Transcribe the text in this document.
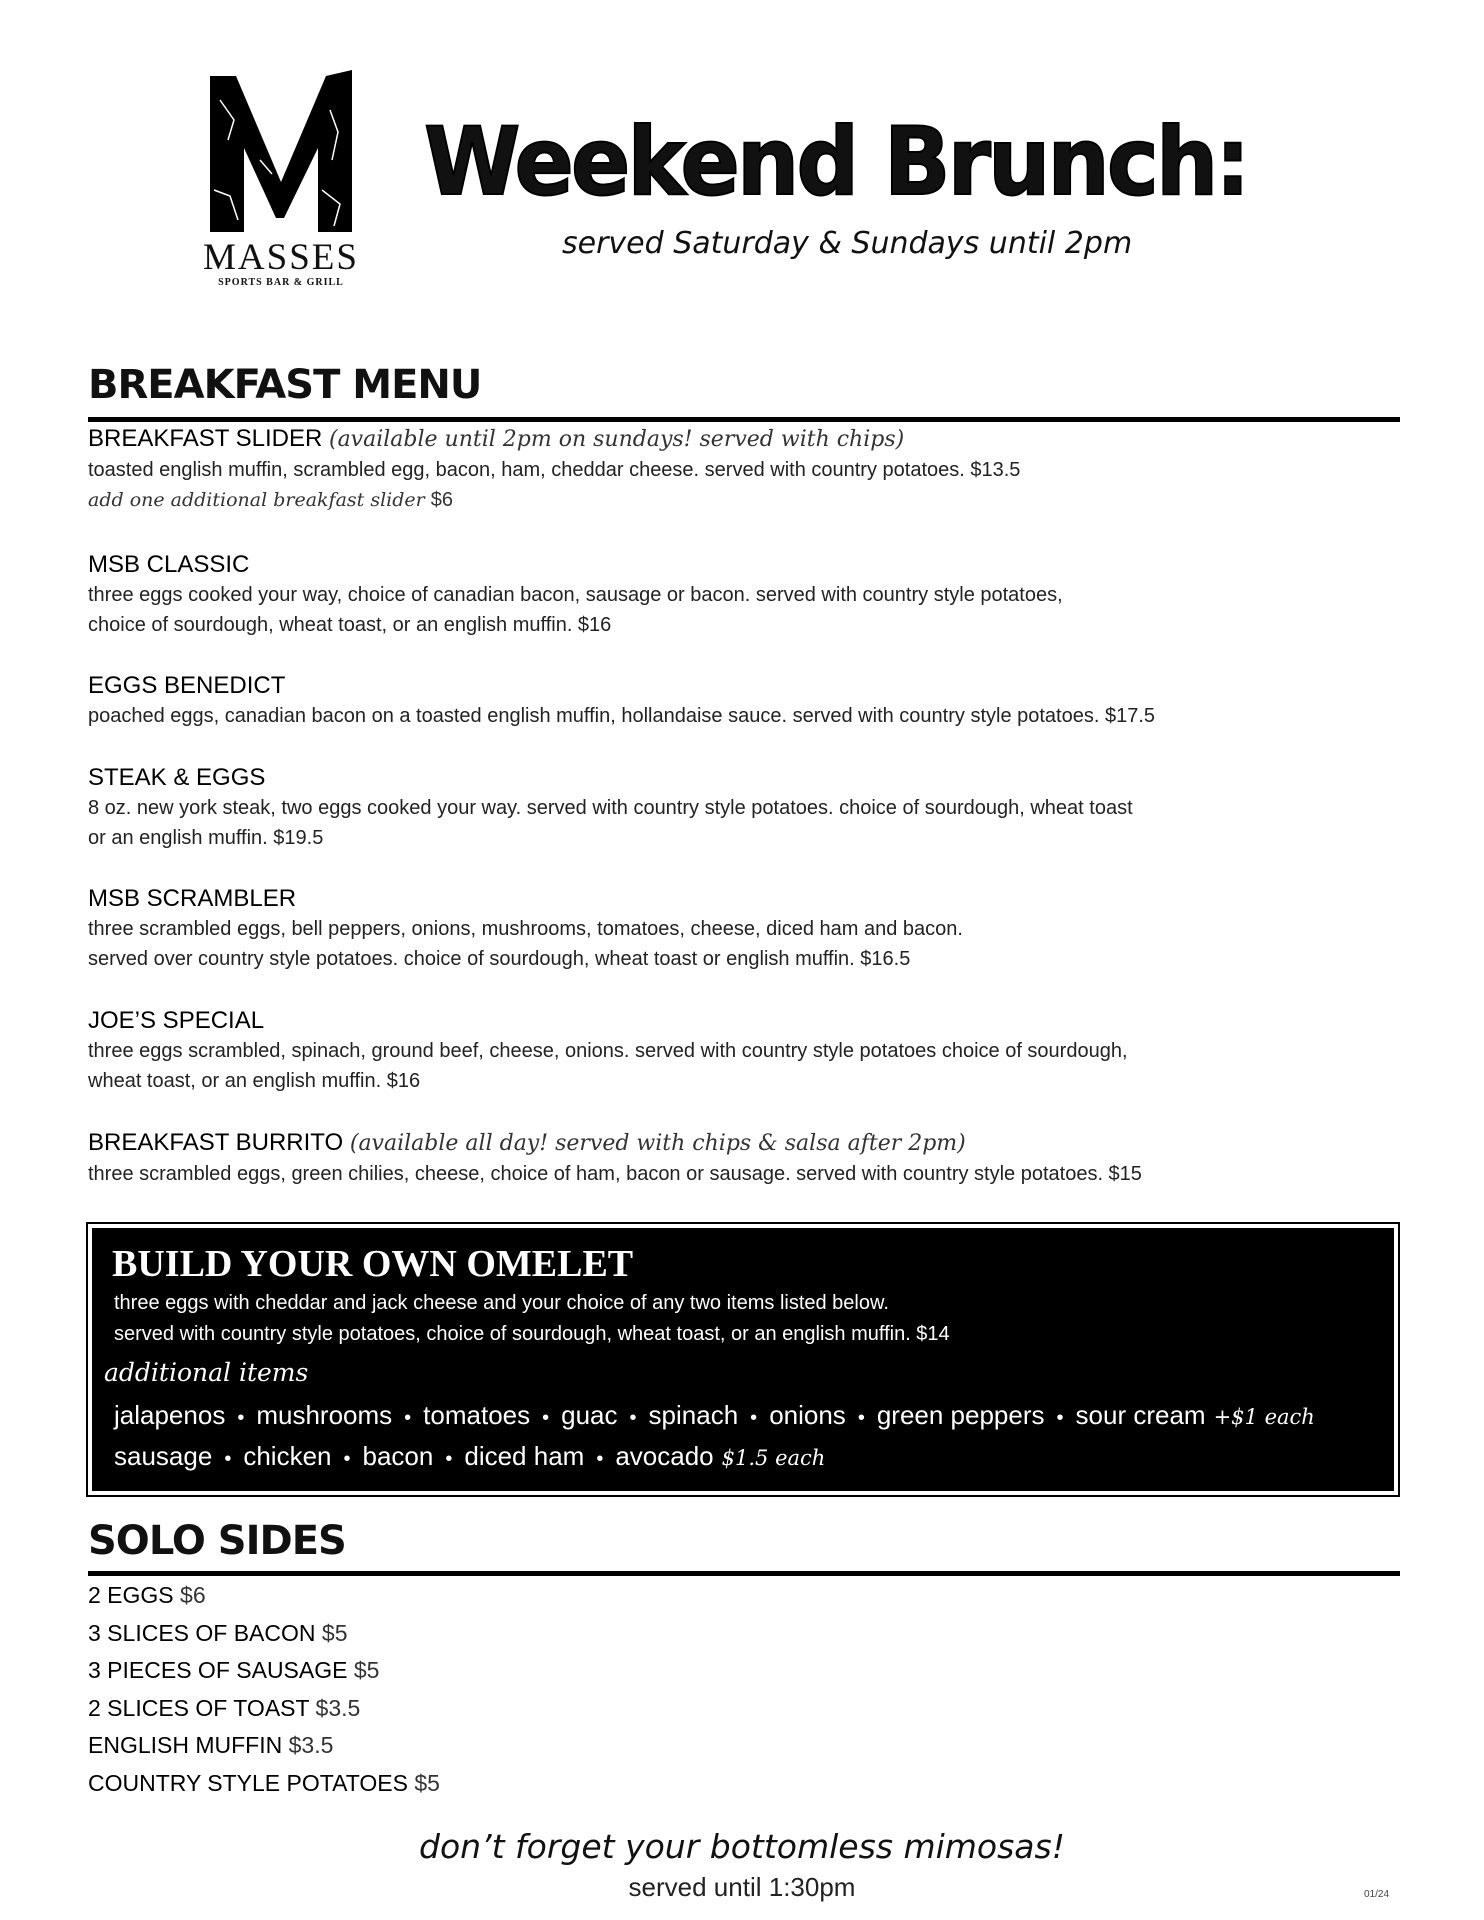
MASSES
SPORTS BAR & GRILL
Weekend Brunch:
served Saturday & Sundays until 2pm
BREAKFAST MENU
BREAKFAST SLIDER (available until 2pm on sundays! served with chips)
toasted english muffin, scrambled egg, bacon, ham, cheddar cheese. served with country potatoes. $13.5
add one additional breakfast slider $6
MSB CLASSIC
three eggs cooked your way, choice of canadian bacon, sausage or bacon. served with country style potatoes,
choice of sourdough, wheat toast, or an english muffin. $16
EGGS BENEDICT
poached eggs, canadian bacon on a toasted english muffin, hollandaise sauce. served with country style potatoes. $17.5
STEAK & EGGS
8 oz. new york steak, two eggs cooked your way. served with country style potatoes. choice of sourdough, wheat toast
or an english muffin. $19.5
MSB SCRAMBLER
three scrambled eggs, bell peppers, onions, mushrooms, tomatoes, cheese, diced ham and bacon.
served over country style potatoes. choice of sourdough, wheat toast or english muffin. $16.5
JOE’S SPECIAL
three eggs scrambled, spinach, ground beef, cheese, onions. served with country style potatoes choice of sourdough,
wheat toast, or an english muffin. $16
BREAKFAST BURRITO (available all day! served with chips & salsa after 2pm)
three scrambled eggs, green chilies, cheese, choice of ham, bacon or sausage. served with country style potatoes. $15
BUILD YOUR OWN OMELET
three eggs with cheddar and jack cheese and your choice of any two items listed below.
served with country style potatoes, choice of sourdough, wheat toast, or an english muffin. $14
additional items
jalapenos • mushrooms • tomatoes • guac • spinach • onions • green peppers • sour cream +$1 each
sausage • chicken • bacon • diced ham • avocado $1.5 each
SOLO SIDES
2 EGGS $6
3 SLICES OF BACON $5
3 PIECES OF SAUSAGE $5
2 SLICES OF TOAST $3.5
ENGLISH MUFFIN $3.5
COUNTRY STYLE POTATOES $5
don’t forget your bottomless mimosas!
served until 1:30pm	01/24
